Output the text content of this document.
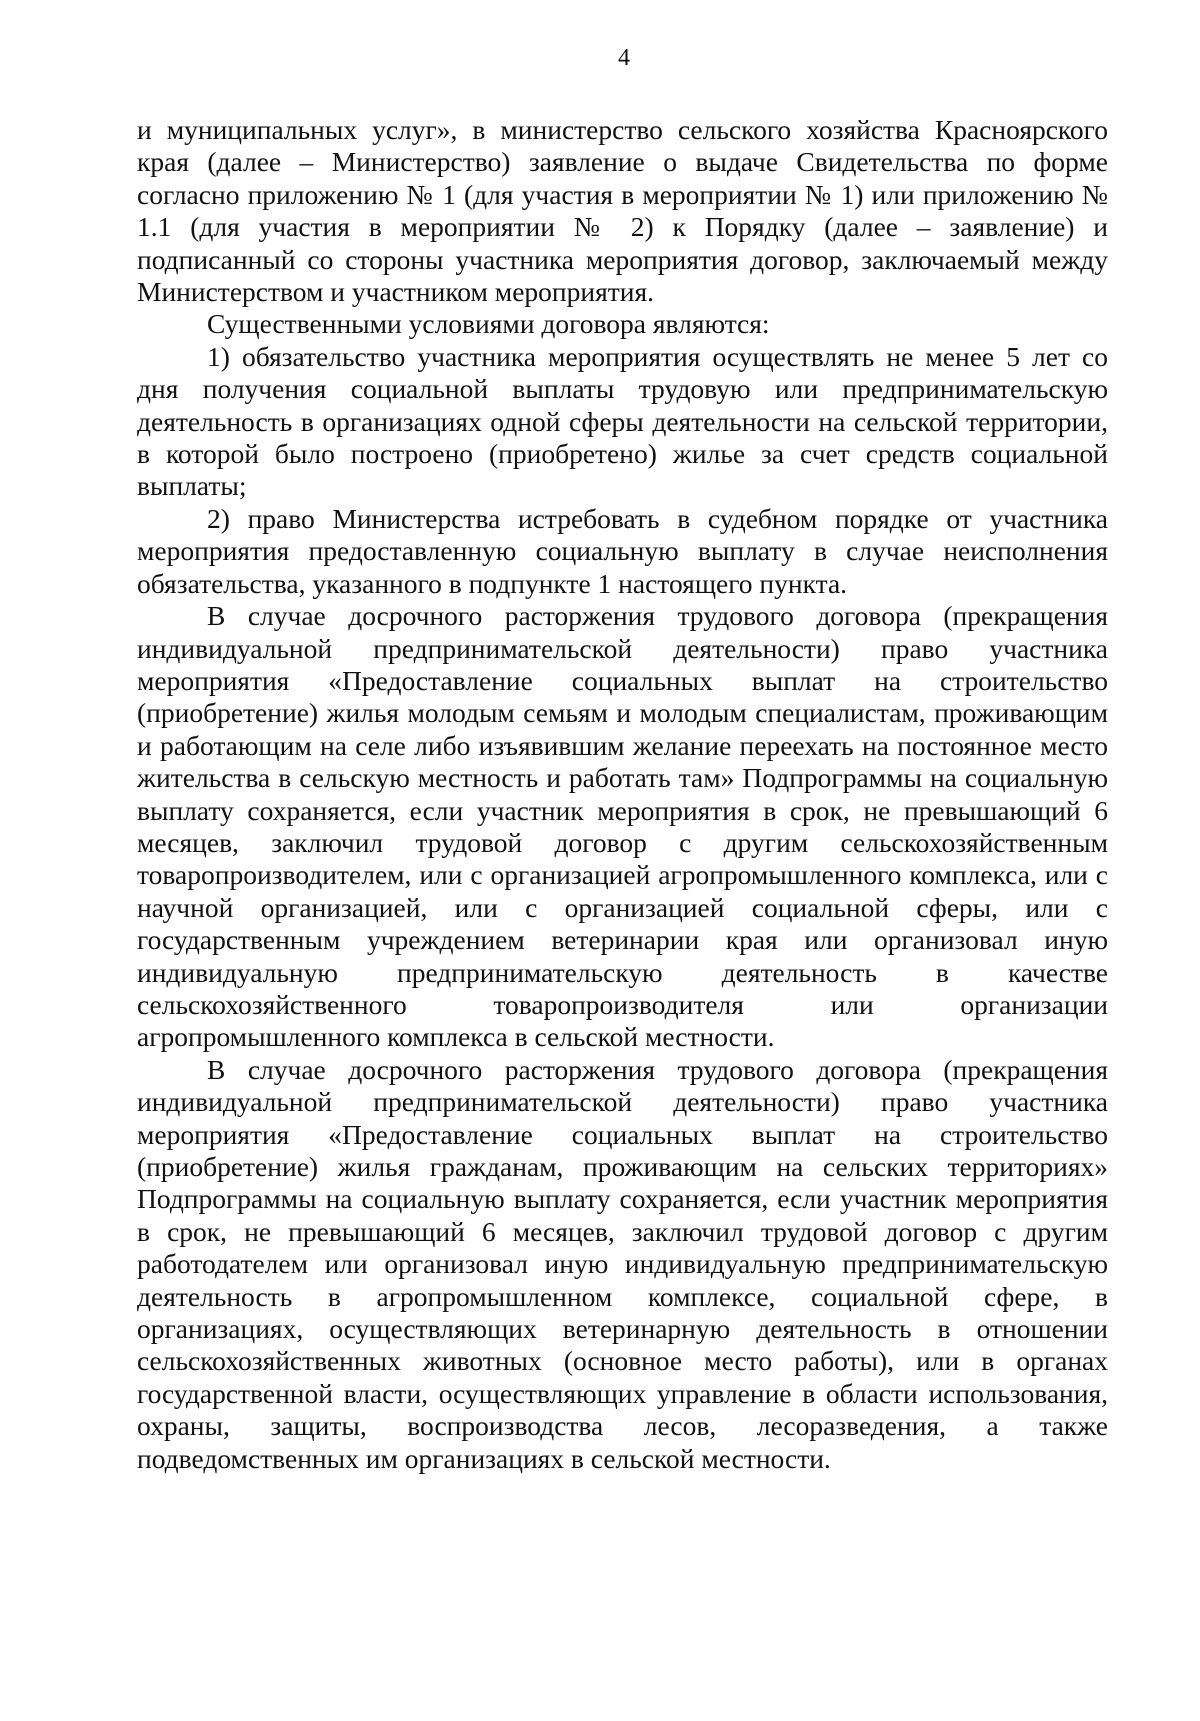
4

и муниципальных услуг», в министерство сельского хозяйства Красноярского края (далее – Министерство) заявление о выдаче Свидетельства по форме согласно приложению № 1 (для участия в мероприятии № 1) или приложению № 1.1 (для участия в мероприятии № 2) к Порядку (далее – заявление) и подписанный со стороны участника мероприятия договор, заключаемый между Министерством и участником мероприятия.

Существенными условиями договора являются:

1) обязательство участника мероприятия осуществлять не менее 5 лет со дня получения социальной выплаты трудовую или предпринимательскую деятельность в организациях одной сферы деятельности на сельской территории, в которой было построено (приобретено) жилье за счет средств социальной выплаты;

2) право Министерства истребовать в судебном порядке от участника мероприятия предоставленную социальную выплату в случае неисполнения обязательства, указанного в подпункте 1 настоящего пункта.

В случае досрочного расторжения трудового договора (прекращения индивидуальной предпринимательской деятельности) право участника мероприятия «Предоставление социальных выплат на строительство (приобретение) жилья молодым семьям и молодым специалистам, проживающим и работающим на селе либо изъявившим желание переехать на постоянное место жительства в сельскую местность и работать там» Подпрограммы на социальную выплату сохраняется, если участник мероприятия в срок, не превышающий 6 месяцев, заключил трудовой договор с другим сельскохозяйственным товаропроизводителем, или с организацией агропромышленного комплекса, или с научной организацией, или с организацией социальной сферы, или с государственным учреждением ветеринарии края или организовал иную индивидуальную предпринимательскую деятельность в качестве сельскохозяйственного товаропроизводителя или организации агропромышленного комплекса в сельской местности.

В случае досрочного расторжения трудового договора (прекращения индивидуальной предпринимательской деятельности) право участника мероприятия «Предоставление социальных выплат на строительство (приобретение) жилья гражданам, проживающим на сельских территориях» Подпрограммы на социальную выплату сохраняется, если участник мероприятия в срок, не превышающий 6 месяцев, заключил трудовой договор с другим работодателем или организовал иную индивидуальную предпринимательскую деятельность в агропромышленном комплексе, социальной сфере, в организациях, осуществляющих ветеринарную деятельность в отношении сельскохозяйственных животных (основное место работы), или в органах государственной власти, осуществляющих управление в области использования, охраны, защиты, воспроизводства лесов, лесоразведения, а также подведомственных им организациях в сельской местности.
